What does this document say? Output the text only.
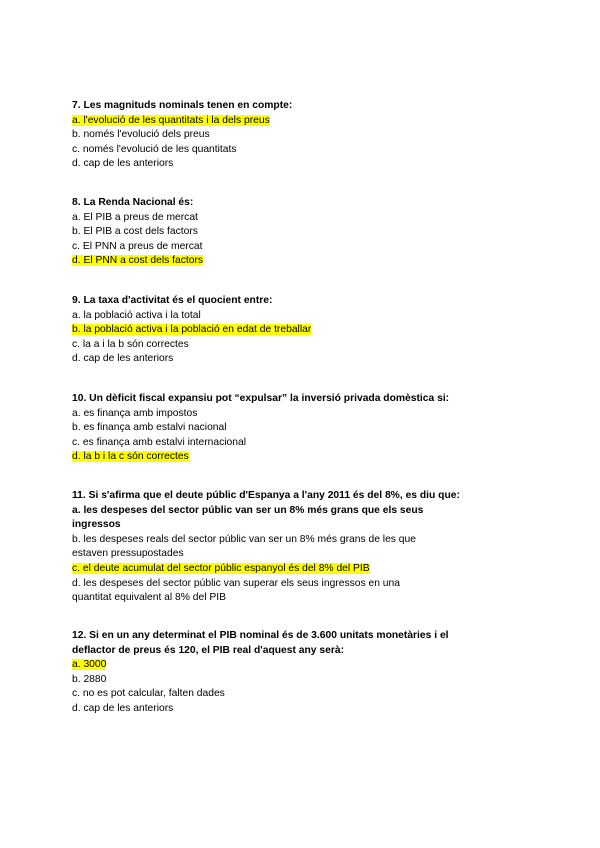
7. Les magnituds nominals tenen en compte:
a. l'evolució de les quantitats i la dels preus
b. només l'evolució dels preus
c. només l'evolució de les quantitats
d. cap de les anteriors
8. La Renda Nacional és:
a. El PIB a preus de mercat
b. El PIB a cost dels factors
c. El PNN a preus de mercat
d. El PNN a cost dels factors
9. La taxa d'activitat és el quocient entre:
a. la població activa i la total
b. la població activa i la població en edat de treballar
c. la a i la b són correctes
d. cap de les anteriors
10. Un dèficit fiscal expansiu pot “expulsar” la inversió privada domèstica si:
a. es finança amb impostos
b. es finança amb estalvi nacional
c. es finança amb estalvi internacional
d. la b i la c són correctes
11. Si s'afirma que el deute públic d'Espanya a l'any 2011 és del 8%, es diu que:
a. les despeses del sector públic van ser un 8% més grans que els seus
ingressos
b. les despeses reals del sector públic van ser un 8% més grans de les que
estaven pressupostades
c. el deute acumulat del sector públic espanyol és del 8% del PIB
d. les despeses del sector públic van superar els seus ingressos en una
quantitat equivalent al 8% del PIB
12. Si en un any determinat el PIB nominal és de 3.600 unitats monetàries i el
deflactor de preus és 120, el PIB real d'aquest any serà:
a. 3000
b. 2880
c. no es pot calcular, falten dades
d. cap de les anteriors
